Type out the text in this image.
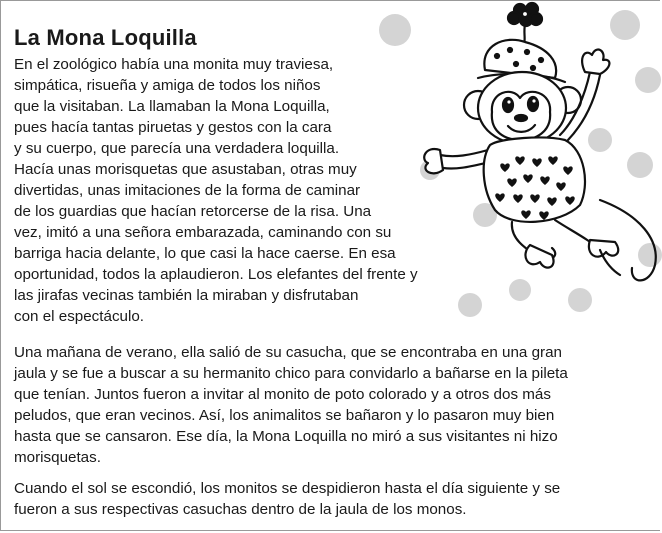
La Mona Loquilla
En el zoológico había una monita muy traviesa,
simpática, risueña y amiga de todos los niños
que la visitaban. La llamaban la Mona Loquilla,
pues hacía tantas piruetas y gestos con la cara
y su cuerpo, que parecía una verdadera loquilla.
Hacía unas morisquetas que asustaban, otras muy
divertidas, unas imitaciones de la forma de caminar
de los guardias que hacían retorcerse de la risa. Una
vez, imitó a una señora embarazada, caminando con su
barriga hacia delante, lo que casi la hace caerse. En esa
oportunidad, todos la aplaudieron. Los elefantes del frente y
las jirafas vecinas también la miraban y disfrutaban
con el espectáculo.
Una mañana de verano, ella salió de su casucha, que se encontraba en una gran
jaula y se fue a buscar a su hermanito chico para convidarlo a bañarse en la pileta
que tenían. Juntos fueron a invitar al monito de poto colorado y a otros dos más
peludos, que eran vecinos. Así, los animalitos se bañaron y lo pasaron muy bien
hasta que se cansaron. Ese día, la Mona Loquilla no miró a sus visitantes ni hizo
morisquetas.
Cuando el sol se escondió, los monitos se despidieron hasta el día siguiente y se
fueron a sus respectivas casuchas dentro de la jaula de los monos.
